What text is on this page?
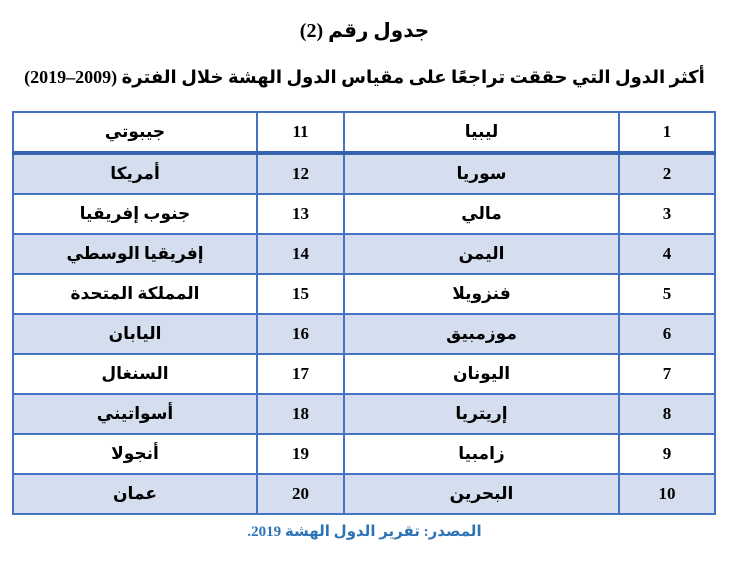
جدول رقم (2)
أكثر الدول التي حققت تراجعًا على مقياس الدول الهشة خلال الفترة (2009–2019)
1	ليبيا	11	جيبوتي
2	سوريا	12	أمريكا
3	مالي	13	جنوب إفريقيا
4	اليمن	14	إفريقيا الوسطي
5	فنزويلا	15	المملكة المتحدة
6	موزمبيق	16	اليابان
7	اليونان	17	السنغال
8	إريتريا	18	أسواتيني
9	زامبيا	19	أنجولا
10	البحرين	20	عمان
المصدر: تقرير الدول الهشة 2019.
